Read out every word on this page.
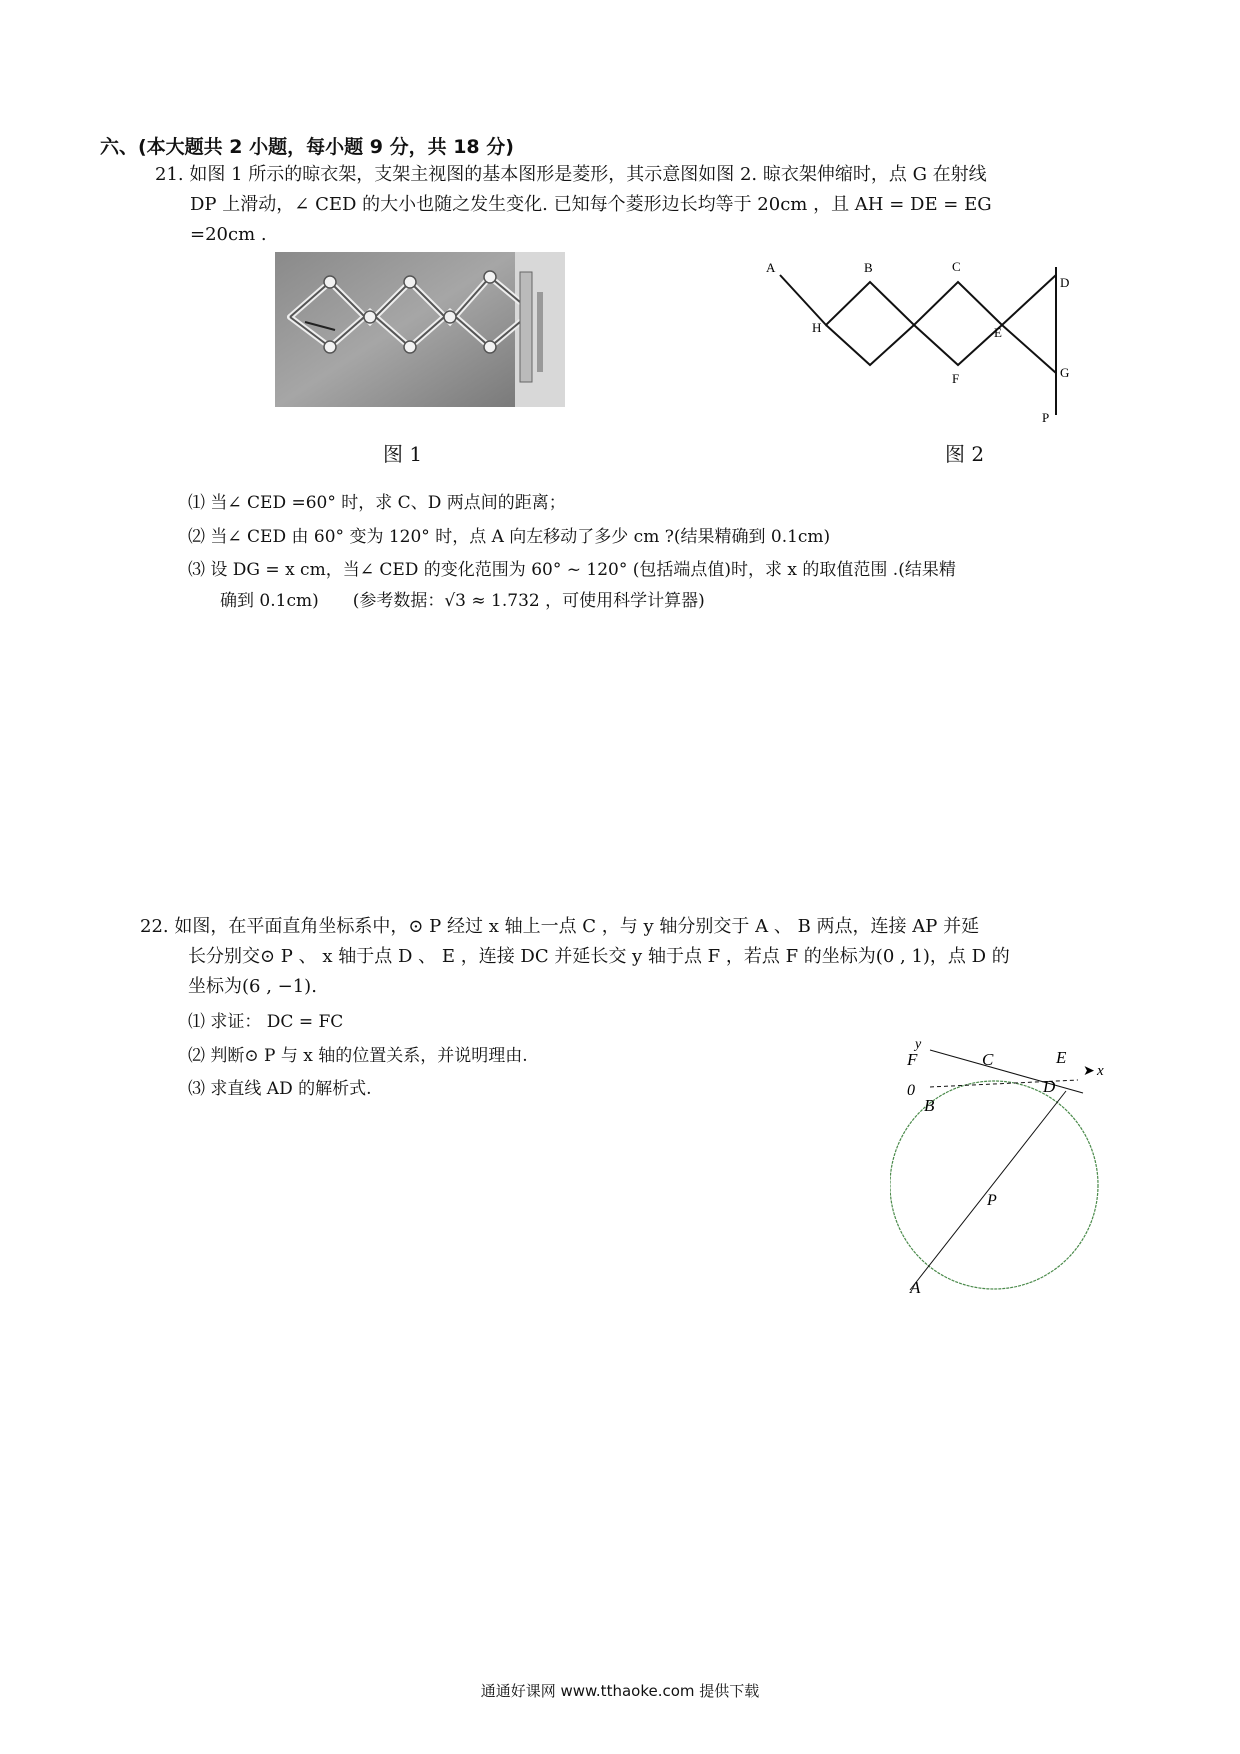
六、(本大题共 2 小题，每小题 9 分，共 18 分)
21. 如图 1 所示的晾衣架，支架主视图的基本图形是菱形，其示意图如图 2. 晾衣架伸缩时，点 G 在射线
DP 上滑动，∠ CED 的大小也随之发生变化. 已知每个菱形边长均等于 20cm ，且 AH = DE = EG
=20cm .
图 1
A	B	C
D
H	E
F	G
P
图 2
⑴ 当∠ CED =60° 时，求 C、D 两点间的距离；
⑵ 当∠ CED 由 60° 变为 120° 时，点 A 向左移动了多少 cm ?(结果精确到 0.1cm)
⑶ 设 DG = x cm，当∠ CED 的变化范围为 60° ~ 120° (包括端点值)时，求 x 的取值范围 .(结果精
确到 0.1cm)　　(参考数据：√3 ≈ 1.732 ，可使用科学计算器)
22. 如图，在平面直角坐标系中，⊙ P 经过 x 轴上一点 C ，与 y 轴分别交于 A 、 B 两点，连接 AP 并延
长分别交⊙ P 、 x 轴于点 D 、 E ，连接 DC 并延长交 y 轴于点 F ，若点 F 的坐标为(0 , 1)，点 D 的
坐标为(6 , −1).
⑴ 求证： DC = FC
⑵ 判断⊙ P 与 x 轴的位置关系，并说明理由.
⑶ 求直线 AD 的解析式.
y
➤ x
F
0
C	E
D
B
P
A
通通好课网 www.tthaoke.com 提供下载
